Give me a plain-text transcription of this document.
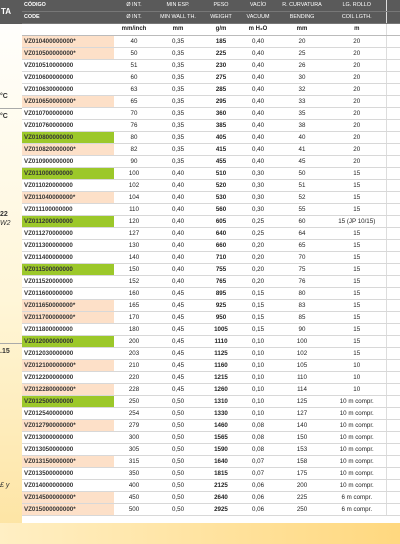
TA
°C
°C
22
W2
.15
£ y
CÓDIGO	Ø INT.	MIN ESP.	PESO	VACÍO	R. CURVATURA	LG. ROLLO	
CODE	Ø INT.	MIN WALL TH.	WEIGHT	VACUUM	BENDING	COIL LGTH.	
	mm/inch	mm	g/m	m H₂O	mm	m	
VZ010400000000*	40	0,35	185	0,40	20	20	
VZ010500000000*	50	0,35	225	0,40	25	20	
VZ010510000000	51	0,35	230	0,40	26	20	
VZ010600000000	60	0,35	275	0,40	30	20	
VZ010630000000	63	0,35	285	0,40	32	20	
VZ010650000000*	65	0,35	295	0,40	33	20	
VZ010700000000	70	0,35	360	0,40	35	20	
VZ010760000000	76	0,35	385	0,40	38	20	
VZ010800000000	80	0,35	405	0,40	40	20	
VZ010820000000*	82	0,35	415	0,40	41	20	
VZ010900000000	90	0,35	455	0,40	45	20	
VZ011000000000	100	0,40	510	0,30	50	15	
VZ011020000000	102	0,40	520	0,30	51	15	
VZ011040000000*	104	0,40	530	0,30	52	15	
VZ011100000000	110	0,40	560	0,30	55	15	
VZ011200000000	120	0,40	605	0,25	60	15 (JP 10/15)	
VZ011270000000	127	0,40	640	0,25	64	15	
VZ011300000000	130	0,40	660	0,20	65	15	
VZ011400000000	140	0,40	710	0,20	70	15	
VZ011500000000	150	0,40	755	0,20	75	15	
VZ011520000000	152	0,40	765	0,20	76	15	
VZ011600000000	160	0,45	895	0,15	80	15	
VZ011650000000*	165	0,45	925	0,15	83	15	
VZ011700000000*	170	0,45	950	0,15	85	15	
VZ011800000000	180	0,45	1005	0,15	90	15	
VZ012000000000	200	0,45	1110	0,10	100	15	
VZ012030000000	203	0,45	1125	0,10	102	15	
VZ012100000000*	210	0,45	1160	0,10	105	10	
VZ012200000000	220	0,45	1215	0,10	110	10	
VZ012280000000*	228	0,45	1260	0,10	114	10	
VZ012500000000	250	0,50	1310	0,10	125	10 m compr.	
VZ012540000000	254	0,50	1330	0,10	127	10 m compr.	
VZ012790000000*	279	0,50	1460	0,08	140	10 m compr.	
VZ013000000000	300	0,50	1565	0,08	150	10 m compr.	
VZ013050000000	305	0,50	1590	0,08	153	10 m compr.	
VZ013150000000*	315	0,50	1640	0,07	158	10 m compr.	
VZ013500000000	350	0,50	1815	0,07	175	10 m compr.	
VZ014000000000	400	0,50	2125	0,06	200	10 m compr.	
VZ014500000000*	450	0,50	2640	0,06	225	6 m compr.	
VZ015000000000*	500	0,50	2925	0,06	250	6 m compr.	
